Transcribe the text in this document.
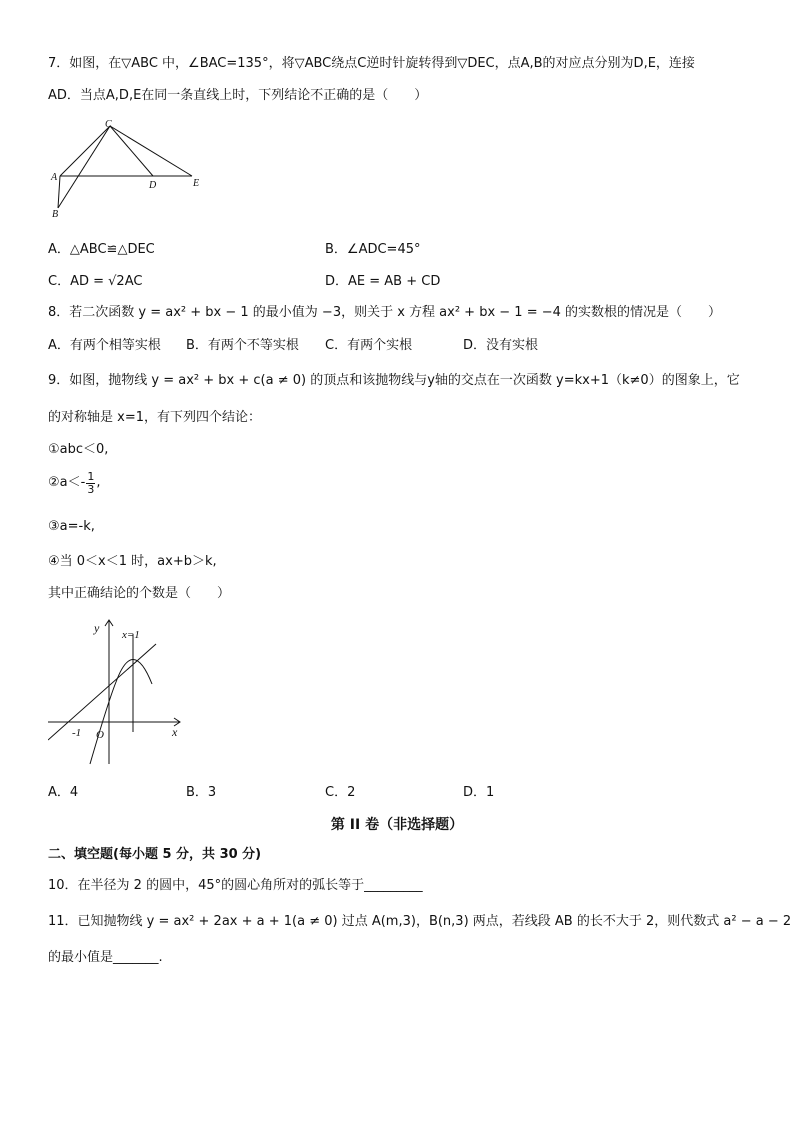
7．如图，在▽ABC 中，∠BAC=135°，将▽ABC绕点C逆时针旋转得到▽DEC，点A,B的对应点分别为D,E，连接
AD．当点A,D,E在同一条直线上时，下列结论不正确的是（　　）
C
A
B
D	E
A．△ABC≌△DEC	B．∠ADC=45°
C．AD = √2AC	D．AE = AB + CD
8．若二次函数 y = ax² + bx − 1 的最小值为 −3，则关于 x 方程 ax² + bx − 1 = −4 的实数根的情况是（　　）
A．有两个相等实根 B．有两个不等实根 C．有两个实根	D．没有实根
9．如图，抛物线 y = ax² + bx + c(a ≠ 0) 的顶点和该抛物线与y轴的交点在一次函数 y=kx+1（k≠0）的图象上，它
的对称轴是 x=1，有下列四个结论：
①abc＜0,
②a＜- $\frac{1}{3}$ ,
③a=-k,
④当 0＜x＜1 时，ax+b＞k,
其中正确结论的个数是（　　）
y
x
x=1
-1 O
A．4	B．3	C．2	D．1
第 II 卷（非选择题）
二、填空题(每小题 5 分，共 30 分)
10．在半径为 2 的圆中，45°的圆心角所对的弧长等于_________
11．已知抛物线 y = ax² + 2ax + a + 1(a ≠ 0) 过点 A(m,3)，B(n,3) 两点，若线段 AB 的长不大于 2，则代数式 a² − a − 2
的最小值是_______.
